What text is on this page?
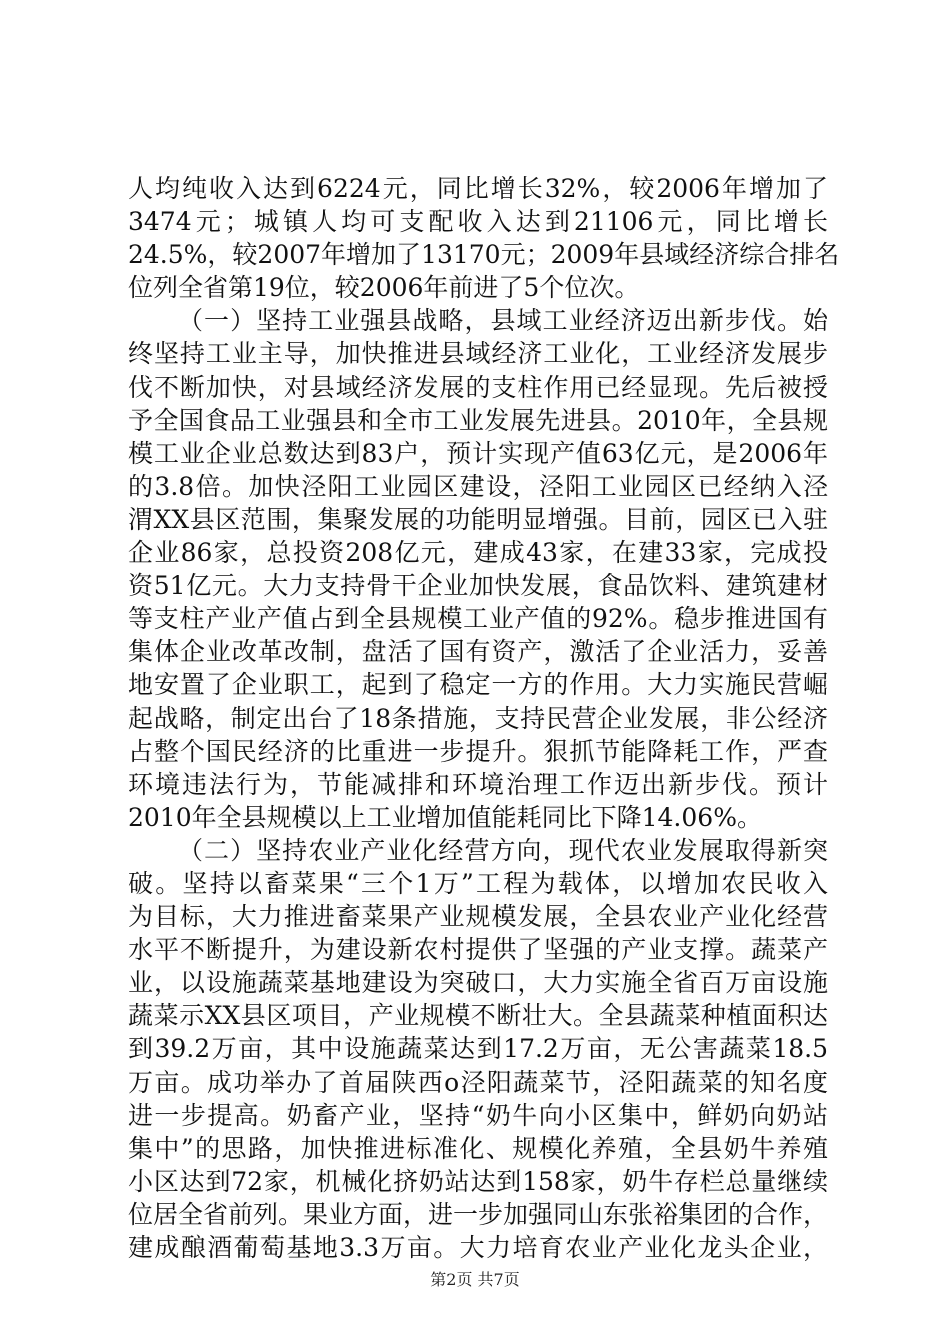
人均纯收入达到6224元，同比增长32%，较2006年增加了
3474元；城镇人均可支配收入达到21106元，同比增长
24.5%，较2007年增加了13170元；2009年县域经济综合排名
位列全省第19位，较2006年前进了5个位次。
（一）坚持工业强县战略，县域工业经济迈出新步伐。始
终坚持工业主导，加快推进县域经济工业化，工业经济发展步
伐不断加快，对县域经济发展的支柱作用已经显现。先后被授
予全国食品工业强县和全市工业发展先进县。2010年，全县规
模工业企业总数达到83户，预计实现产值63亿元，是2006年
的3.8倍。加快泾阳工业园区建设，泾阳工业园区已经纳入泾
渭XX县区范围，集聚发展的功能明显增强。目前，园区已入驻
企业86家，总投资208亿元，建成43家，在建33家，完成投
资51亿元。大力支持骨干企业加快发展，食品饮料、建筑建材
等支柱产业产值占到全县规模工业产值的92%。稳步推进国有
集体企业改革改制，盘活了国有资产，激活了企业活力，妥善
地安置了企业职工，起到了稳定一方的作用。大力实施民营崛
起战略，制定出台了18条措施，支持民营企业发展，非公经济
占整个国民经济的比重进一步提升。狠抓节能降耗工作，严查
环境违法行为，节能减排和环境治理工作迈出新步伐。预计
2010年全县规模以上工业增加值能耗同比下降14.06%。
（二）坚持农业产业化经营方向，现代农业发展取得新突
破。坚持以畜菜果“三个1万”工程为载体，以增加农民收入
为目标，大力推进畜菜果产业规模发展，全县农业产业化经营
水平不断提升，为建设新农村提供了坚强的产业支撑。蔬菜产
业，以设施蔬菜基地建设为突破口，大力实施全省百万亩设施
蔬菜示XX县区项目，产业规模不断壮大。全县蔬菜种植面积达
到39.2万亩，其中设施蔬菜达到17.2万亩，无公害蔬菜18.5
万亩。成功举办了首届陕西o泾阳蔬菜节，泾阳蔬菜的知名度
进一步提高。奶畜产业，坚持“奶牛向小区集中，鲜奶向奶站
集中”的思路，加快推进标准化、规模化养殖，全县奶牛养殖
小区达到72家，机械化挤奶站达到158家，奶牛存栏总量继续
位居全省前列。果业方面，进一步加强同山东张裕集团的合作，
建成酿酒葡萄基地3.3万亩。大力培育农业产业化龙头企业，
第2页 共7页
